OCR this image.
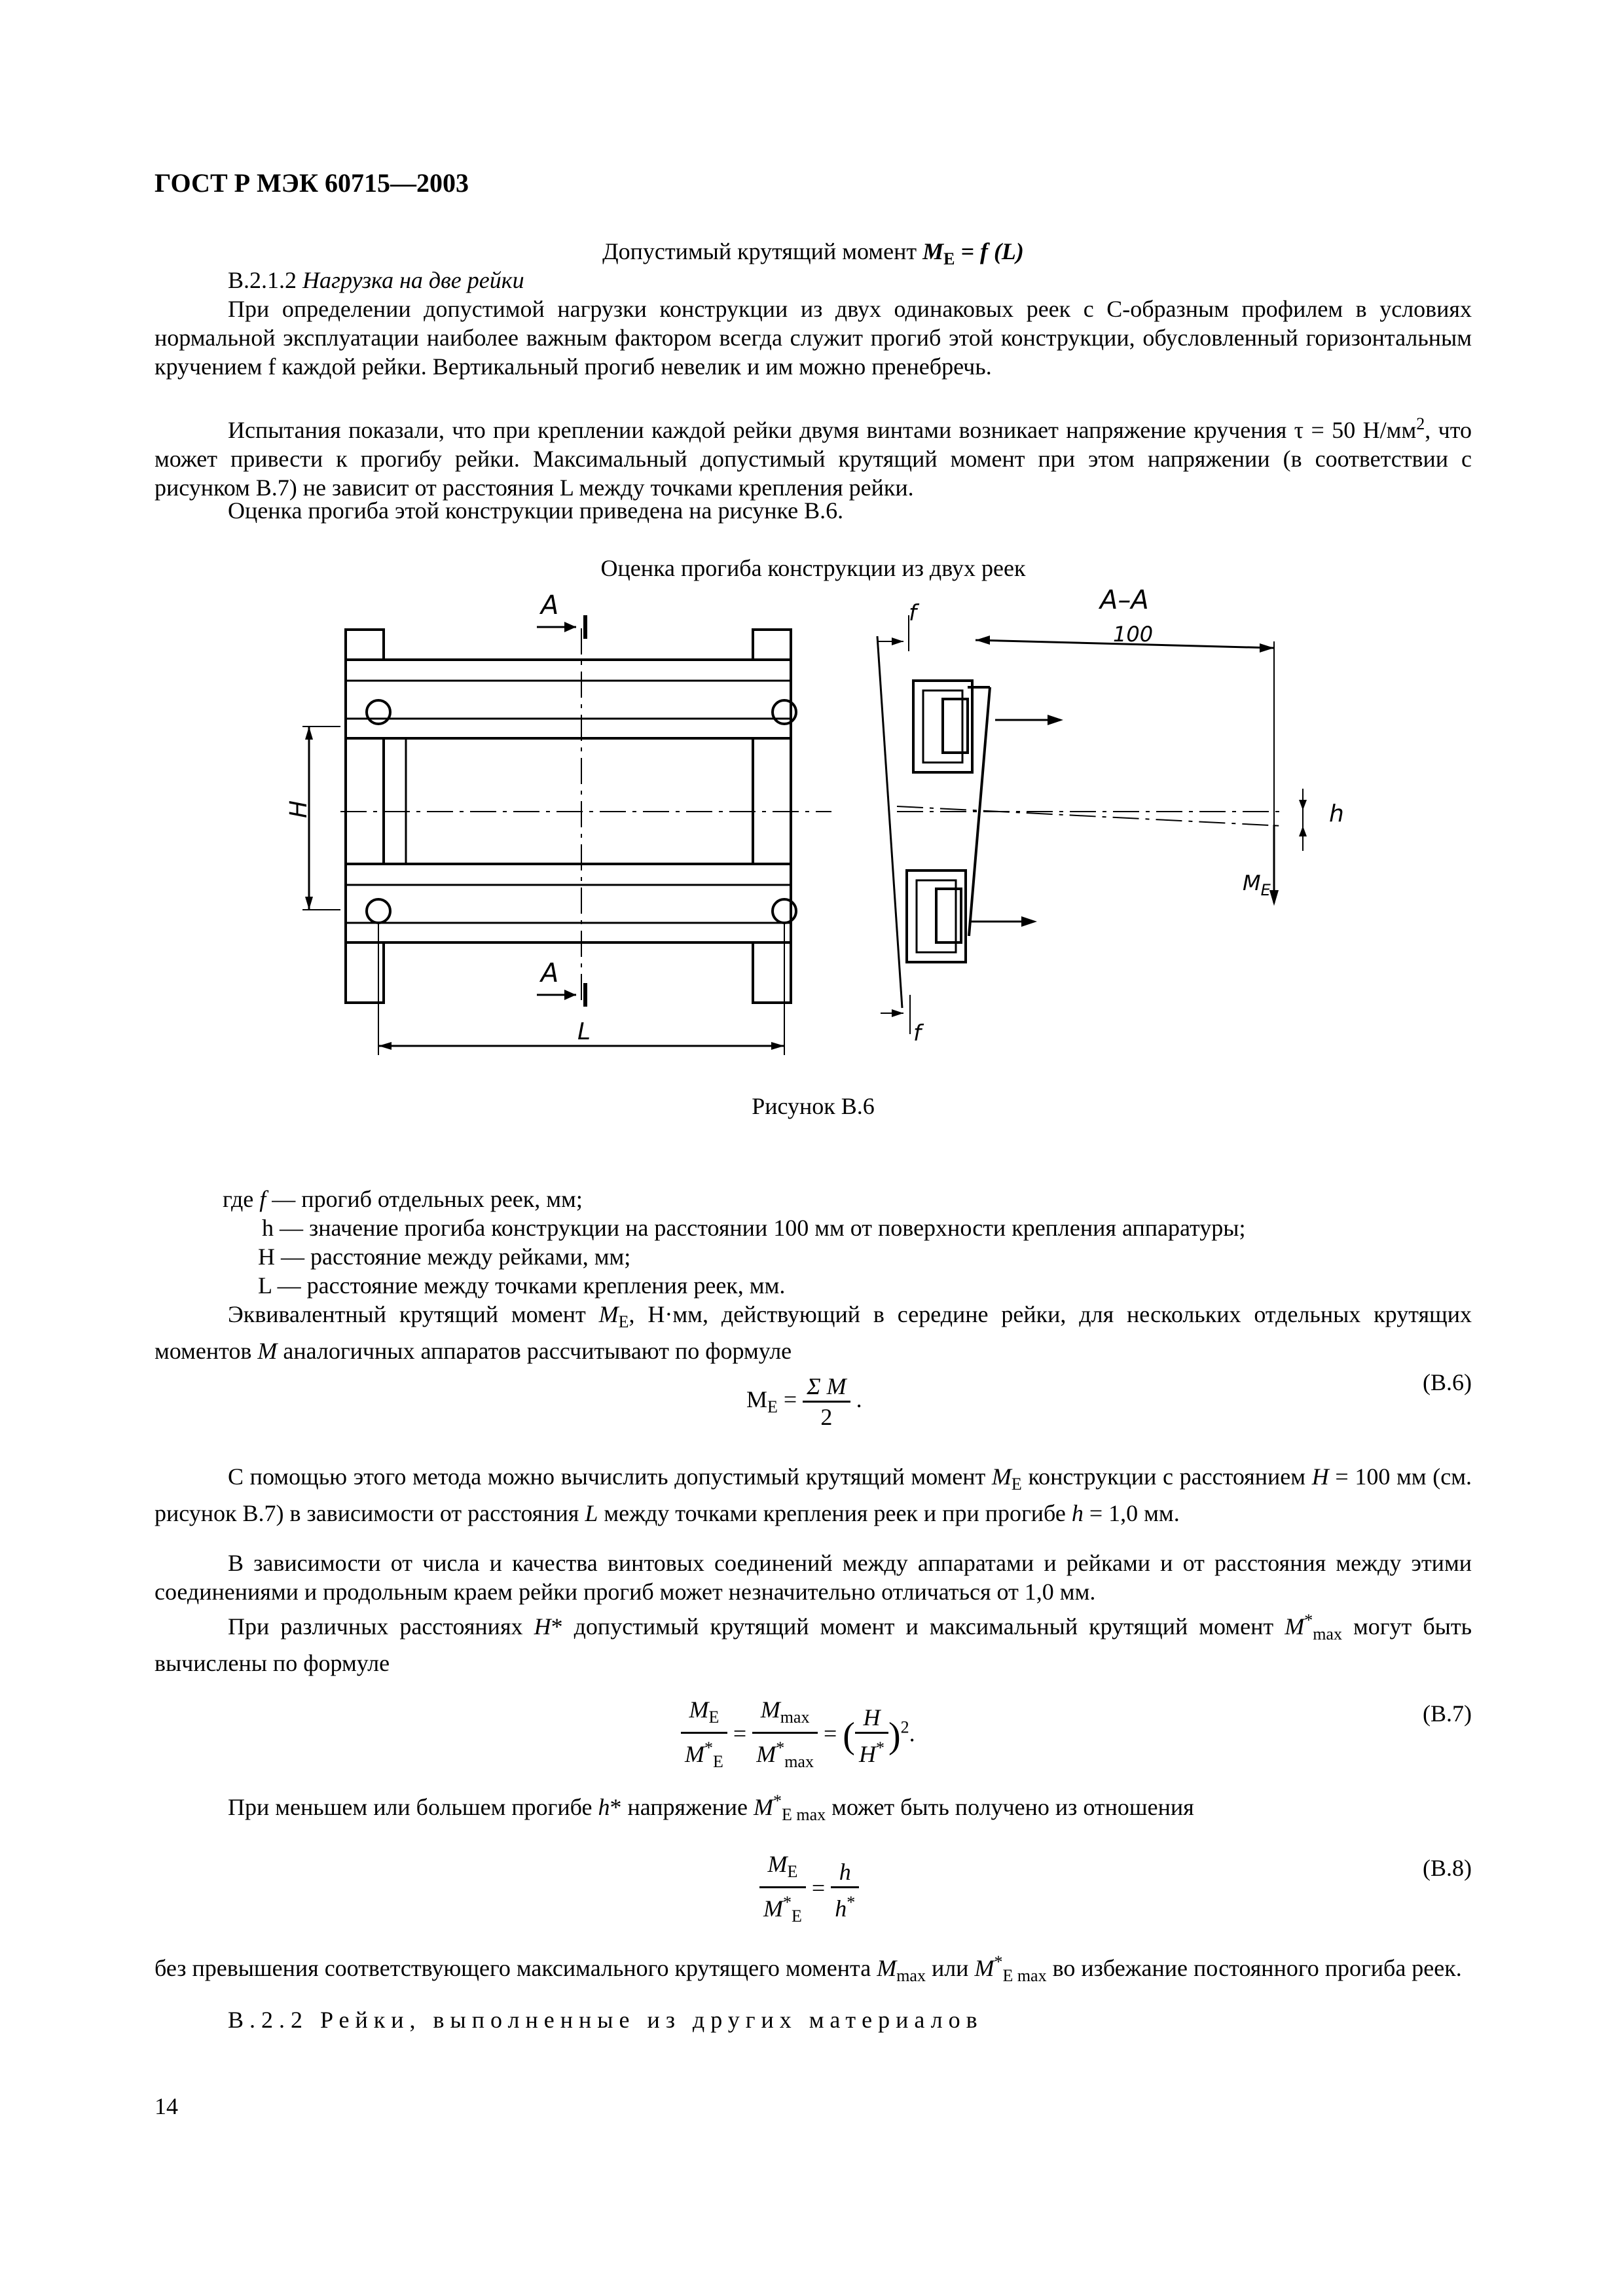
ГОСТ Р МЭК 60715—2003
Допустимый крутящий момент $M_E = f$ (L)
В.2.1.2 Нагрузка на две рейки
При определении допустимой нагрузки конструкции из двух одинаковых реек с С-образным профилем в условиях нормальной эксплуатации наиболее важным фактором всегда служит прогиб этой конструкции, обусловленный горизонтальным кручением f каждой рейки. Вертикальный прогиб невелик и им можно пренебречь.
Испытания показали, что при креплении каждой рейки двумя винтами возникает напряжение кручения τ = 50 $Н/мм^2$, что может привести к прогибу рейки. Максимальный допустимый крутящий момент при этом напряжении (в соответствии с рисунком В.7) не зависит от расстояния L между точками крепления рейки.
Оценка прогиба этой конструкции приведена на рисунке В.6.
Оценка прогиба конструкции из двух реек
A
A
A–A
100
f
f
h
$M_E$
H
L
Рисунок В.6
где f — прогиб отдельных реек, мм;
h — значение прогиба конструкции на расстоянии 100 мм от поверхности крепления аппаратуры;
H — расстояние между рейками, мм;
L — расстояние между точками крепления реек, мм.
Эквивалентный крутящий момент $M_E$, Н·мм, действующий в середине рейки, для нескольких отдельных крутящих моментов M аналогичных аппаратов рассчитывают по формуле
$M_E = \frac{\text{Σ M}}{2}$ .
(В.6)
С помощью этого метода можно вычислить допустимый крутящий момент $M_E$ конструкции с расстоянием H = 100 мм (см. рисунок В.7) в зависимости от расстояния L между точками крепления реек и при прогибе h = 1,0 мм.
В зависимости от числа и качества винтовых соединений между аппаратами и рейками и от расстояния между этими соединениями и продольным краем рейки прогиб может незначительно отличаться от 1,0 мм.
При различных расстояниях H* допустимый крутящий момент и максимальный крутящий момент $M^*_{max}$ могут быть вычислены по формуле
$\frac{M_E}{M^*_E} = \frac{M_{max}}{M^*_{max}}$ = ( $\frac{H}{H^*} )^2$.
(В.7)
При меньшем или большем прогибе h* напряжение $M^*_{E max}$ может быть получено из отношения
$\frac{M_E}{M^*_E} = \frac{h}{h^*}$	(В.8)
без превышения соответствующего максимального крутящего момента $M_{max}$ или $M^*_{E max}$ во избежание постоянного прогиба реек.
В.2.2 Рейки, выполненные из других материалов
14
